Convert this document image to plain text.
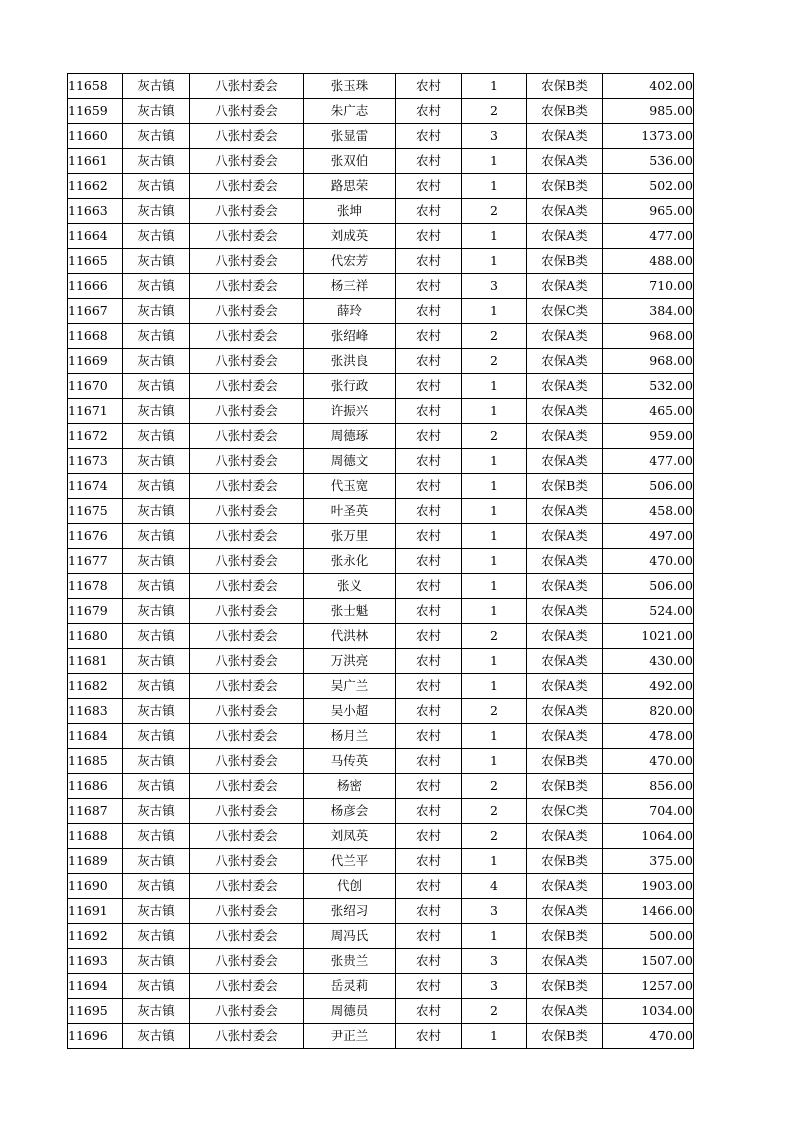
11658	灰古镇	八张村委会	张玉珠	农村	1	农保B类	402.00
11659	灰古镇	八张村委会	朱广志	农村	2	农保B类	985.00
11660	灰古镇	八张村委会	张显雷	农村	3	农保A类	1373.00
11661	灰古镇	八张村委会	张双伯	农村	1	农保A类	536.00
11662	灰古镇	八张村委会	路思荣	农村	1	农保B类	502.00
11663	灰古镇	八张村委会	张坤	农村	2	农保A类	965.00
11664	灰古镇	八张村委会	刘成英	农村	1	农保A类	477.00
11665	灰古镇	八张村委会	代宏芳	农村	1	农保B类	488.00
11666	灰古镇	八张村委会	杨三祥	农村	3	农保A类	710.00
11667	灰古镇	八张村委会	薛玲	农村	1	农保C类	384.00
11668	灰古镇	八张村委会	张绍峰	农村	2	农保A类	968.00
11669	灰古镇	八张村委会	张洪良	农村	2	农保A类	968.00
11670	灰古镇	八张村委会	张行政	农村	1	农保A类	532.00
11671	灰古镇	八张村委会	许振兴	农村	1	农保A类	465.00
11672	灰古镇	八张村委会	周德琢	农村	2	农保A类	959.00
11673	灰古镇	八张村委会	周德文	农村	1	农保A类	477.00
11674	灰古镇	八张村委会	代玉宽	农村	1	农保B类	506.00
11675	灰古镇	八张村委会	叶圣英	农村	1	农保A类	458.00
11676	灰古镇	八张村委会	张万里	农村	1	农保A类	497.00
11677	灰古镇	八张村委会	张永化	农村	1	农保A类	470.00
11678	灰古镇	八张村委会	张义	农村	1	农保A类	506.00
11679	灰古镇	八张村委会	张士魁	农村	1	农保A类	524.00
11680	灰古镇	八张村委会	代洪林	农村	2	农保A类	1021.00
11681	灰古镇	八张村委会	万洪亮	农村	1	农保A类	430.00
11682	灰古镇	八张村委会	吴广兰	农村	1	农保A类	492.00
11683	灰古镇	八张村委会	吴小超	农村	2	农保A类	820.00
11684	灰古镇	八张村委会	杨月兰	农村	1	农保A类	478.00
11685	灰古镇	八张村委会	马传英	农村	1	农保B类	470.00
11686	灰古镇	八张村委会	杨密	农村	2	农保B类	856.00
11687	灰古镇	八张村委会	杨彦会	农村	2	农保C类	704.00
11688	灰古镇	八张村委会	刘凤英	农村	2	农保A类	1064.00
11689	灰古镇	八张村委会	代兰平	农村	1	农保B类	375.00
11690	灰古镇	八张村委会	代创	农村	4	农保A类	1903.00
11691	灰古镇	八张村委会	张绍习	农村	3	农保A类	1466.00
11692	灰古镇	八张村委会	周冯氏	农村	1	农保B类	500.00
11693	灰古镇	八张村委会	张贵兰	农村	3	农保A类	1507.00
11694	灰古镇	八张村委会	岳灵莉	农村	3	农保B类	1257.00
11695	灰古镇	八张村委会	周德员	农村	2	农保A类	1034.00
11696	灰古镇	八张村委会	尹正兰	农村	1	农保B类	470.00
